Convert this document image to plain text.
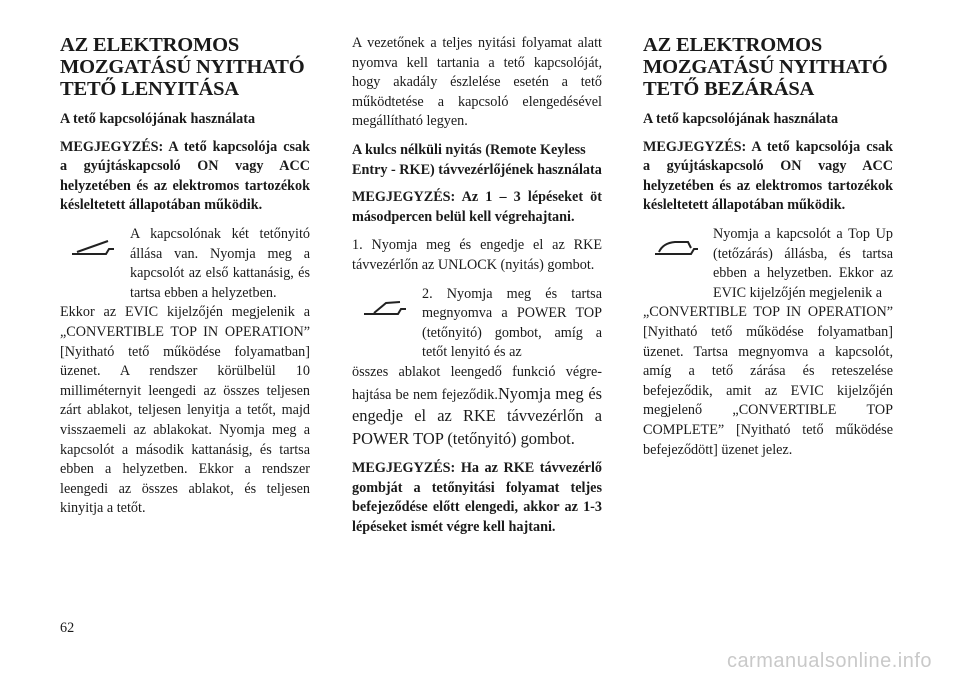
AZ ELEKTROMOS MOZGATÁSÚ NYITHATÓ TETŐ LENYITÁSA
A tető kapcsolójának használata

MEGJEGYZÉS: A tető kapcsolója csak a gyújtáskapcsoló ON vagy ACC helyzetében és az elektromos tartozékok késleltetett állapotában működik.

A kapcsolónak két tetőnyitó állása van. Nyomja meg a kapcsolót az első kattanásig, és tartsa ebben a helyzetben.

Ekkor az EVIC kijelzőjén megjelenik a „CONVERTIBLE TOP IN OPERATION” [Nyitható tető működése folyamatban] üzenet. A rendszer körülbelül 10 milliméternyit leengedi az összes teljesen zárt ablakot, teljesen lenyitja a tetőt, majd visszaemeli az ablakokat. Nyomja meg a kapcsolót a második kattanásig, és tartsa ebben a helyzetben. Ekkor a rendszer leengedi az összes ablakot, és teljesen kinyitja a tetőt.

A vezetőnek a teljes nyitási folyamat alatt nyomva kell tartania a tető kapcsolóját, hogy akadály észlelése esetén a tető működtetése a kapcsoló elengedésével megállítható legyen.

A kulcs nélküli nyitás (Remote Keyless Entry - RKE) távvezérlőjének használata

MEGJEGYZÉS: Az 1 – 3 lépéseket öt másodpercen belül kell végrehajtani.

1. Nyomja meg és engedje el az RKE távvezérlőn az UNLOCK (nyitás) gombot.

2. Nyomja meg és tartsa megnyomva a POWER TOP (tetőnyitó) gombot, amíg a tetőt lenyitó és az

összes ablakot leengedő funkció végrehajtása be nem fejeződik.Nyomja meg és engedje el az RKE távvezérlőn a POWER TOP (tetőnyitó) gombot.

MEGJEGYZÉS: Ha az RKE távvezérlő gombját a tetőnyitási folyamat teljes befejeződése előtt elengedi, akkor az 1-3 lépéseket ismét végre kell hajtani.

AZ ELEKTROMOS MOZGATÁSÚ NYITHATÓ TETŐ BEZÁRÁSA
A tető kapcsolójának használata

MEGJEGYZÉS: A tető kapcsolója csak a gyújtáskapcsoló ON vagy ACC helyzetében és az elektromos tartozékok késleltetett állapotában működik.

Nyomja a kapcsolót a Top Up (tetőzárás) állásba, és tartsa ebben a helyzetben. Ekkor az EVIC kijelzőjén megjelenik a

„CONVERTIBLE TOP IN OPERATION” [Nyitható tető működése folyamatban] üzenet. Tartsa megnyomva a kapcsolót, amíg a tető zárása és reteszelése befejeződik, amit az EVIC kijelzőjén megjelenő „CONVERTIBLE TOP COMPLETE” [Nyitható tető működése befejeződött] üzenet jelez.

62
carmanualsonline.info
